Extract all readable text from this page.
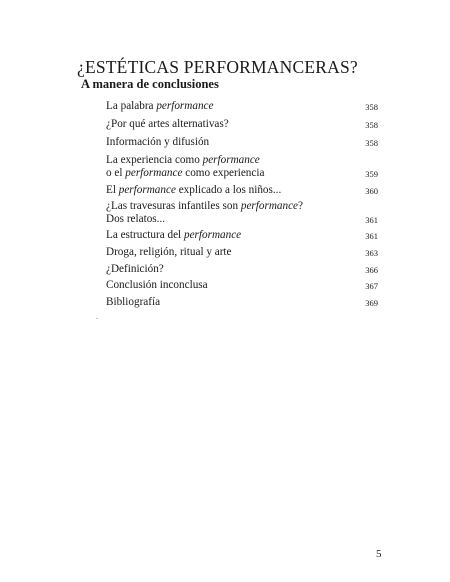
¿ESTÉTICAS PERFORMANCERAS?
A manera de conclusiones
La palabra performance	358
¿Por qué artes alternativas?	358
Información y difusión	358
La experiencia como performance
o el performance como experiencia	359
El performance explicado a los niños...	360
¿Las travesuras infantiles son performance?
Dos relatos...	361
La estructura del performance	361
Droga, religión, ritual y arte	363
¿Definición?	366
Conclusión inconclusa	367
Bibliografía	369
5
